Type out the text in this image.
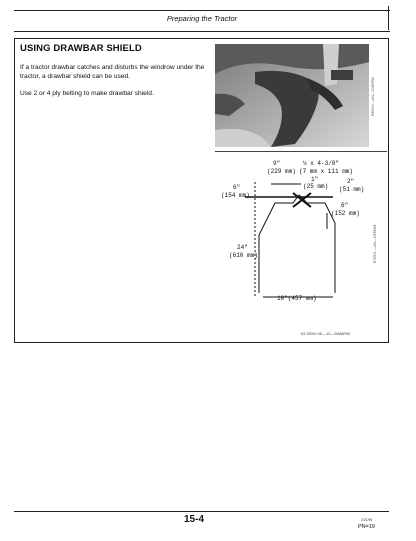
Preparing the Tractor
USING DRAWBAR SHIELD
If a tractor drawbar catches and disturbs the windrow under the tractor, a drawbar shield can be used.
Use 2 or 4 ply belting to make drawbar shield.	E95200 —UN—10SEP94
9"
(229 mm)
¼ x 4-3/8"
(7 mm x 111 mm)
1"
(25 mm)
2"
(51 mm)
6"
(154 mm)
6"
(152 mm)
24"
(610 mm)
18"(457 mm)
E75971 —UN—10FEB94
E/L7600X.08 —19—20MAR95
15-4	2/21/96
PN=19
